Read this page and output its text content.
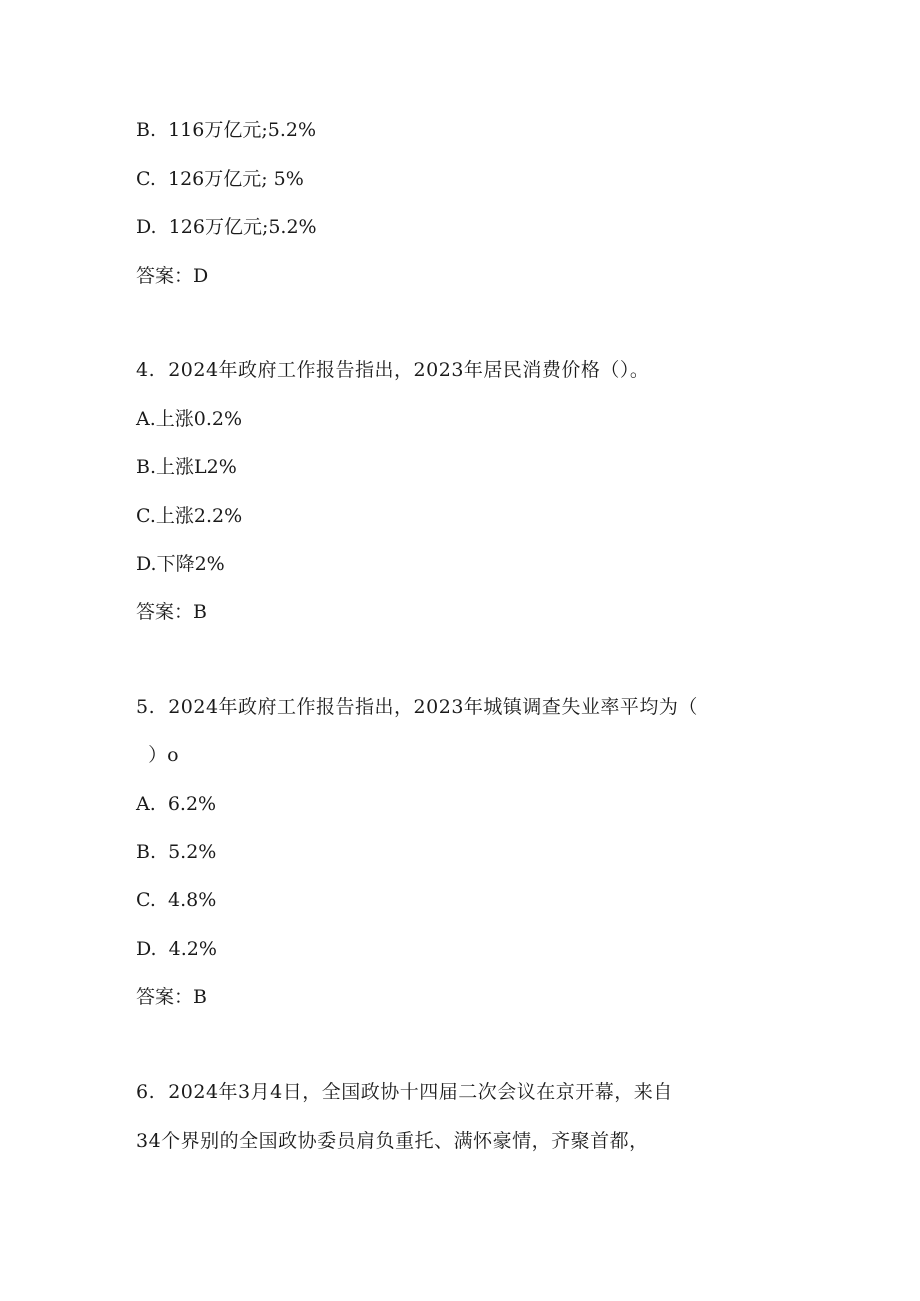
B.  116万亿元;5.2%

C.  126万亿元; 5%

D.  126万亿元;5.2%

答案：D

4.  2024年政府工作报告指出，2023年居民消费价格（）。

A.上涨0.2%

B.上涨L2%

C.上涨2.2%

D.下降2%

答案：B

5.  2024年政府工作报告指出，2023年城镇调查失业率平均为（

）o

A.  6.2%

B.  5.2%

C.  4.8%

D.  4.2%

答案：B

6.  2024年3月4日，全国政协十四届二次会议在京开幕，来自

34个界别的全国政协委员肩负重托、满怀豪情，齐聚首都，
